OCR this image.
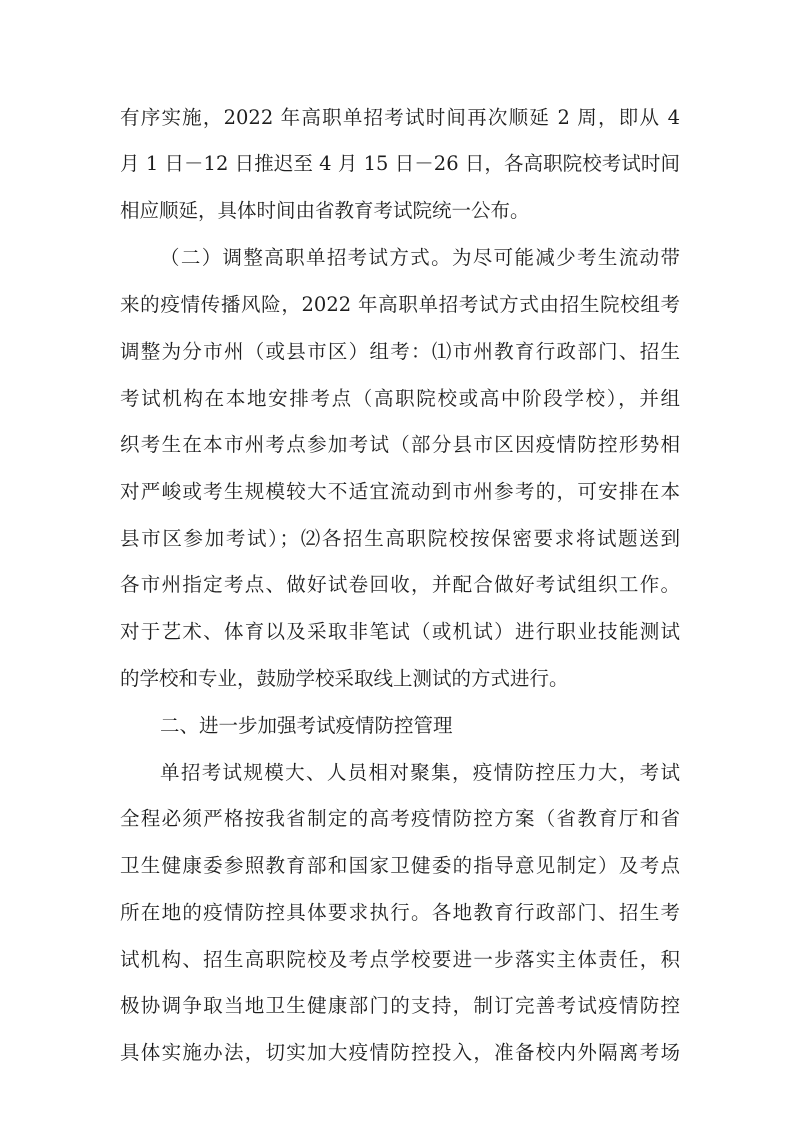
有序实施，2022 年高职单招考试时间再次顺延 2 周，即从 4
月 1 日－12 日推迟至 4 月 15 日－26 日，各高职院校考试时间
相应顺延，具体时间由省教育考试院统一公布。
（二）调整高职单招考试方式。为尽可能减少考生流动带
来的疫情传播风险，2022 年高职单招考试方式由招生院校组考
调整为分市州（或县市区）组考：⑴市州教育行政部门、招生
考试机构在本地安排考点（高职院校或高中阶段学校），并组
织考生在本市州考点参加考试（部分县市区因疫情防控形势相
对严峻或考生规模较大不适宜流动到市州参考的，可安排在本
县市区参加考试）；⑵各招生高职院校按保密要求将试题送到
各市州指定考点、做好试卷回收，并配合做好考试组织工作。
对于艺术、体育以及采取非笔试（或机试）进行职业技能测试
的学校和专业，鼓励学校采取线上测试的方式进行。
二、进一步加强考试疫情防控管理
单招考试规模大、人员相对聚集，疫情防控压力大，考试
全程必须严格按我省制定的高考疫情防控方案（省教育厅和省
卫生健康委参照教育部和国家卫健委的指导意见制定）及考点
所在地的疫情防控具体要求执行。各地教育行政部门、招生考
试机构、招生高职院校及考点学校要进一步落实主体责任，积
极协调争取当地卫生健康部门的支持，制订完善考试疫情防控
具体实施办法，切实加大疫情防控投入，准备校内外隔离考场
